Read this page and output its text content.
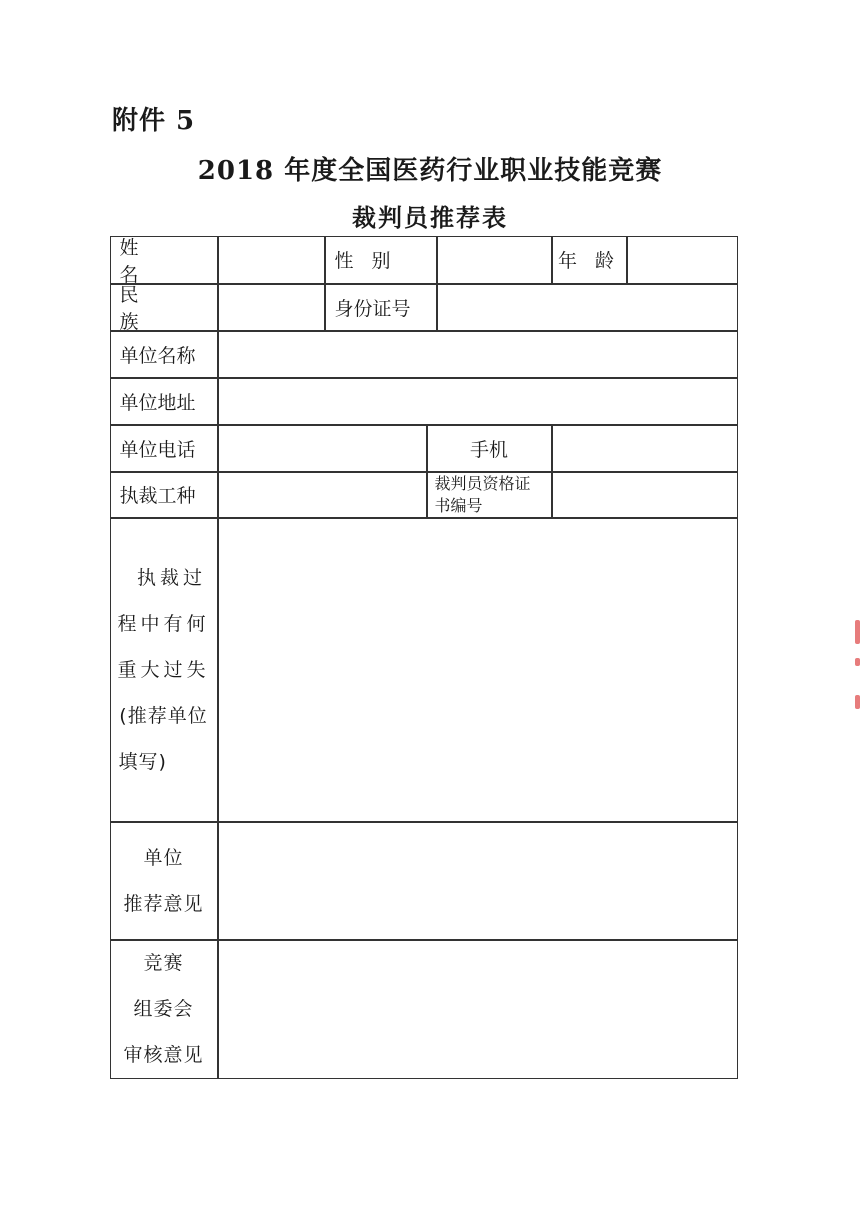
附件 5
2018 年度全国医药行业职业技能竞赛
裁判员推荐表
姓 名
性 别	年 龄
民 族
身份证号
单位名称
单位地址
单位电话	手机
执裁工种
裁判员资格证书编号
执裁过
程中有何
重大过失
(推荐单位
填写)
单位
推荐意见
竞赛
组委会
审核意见
